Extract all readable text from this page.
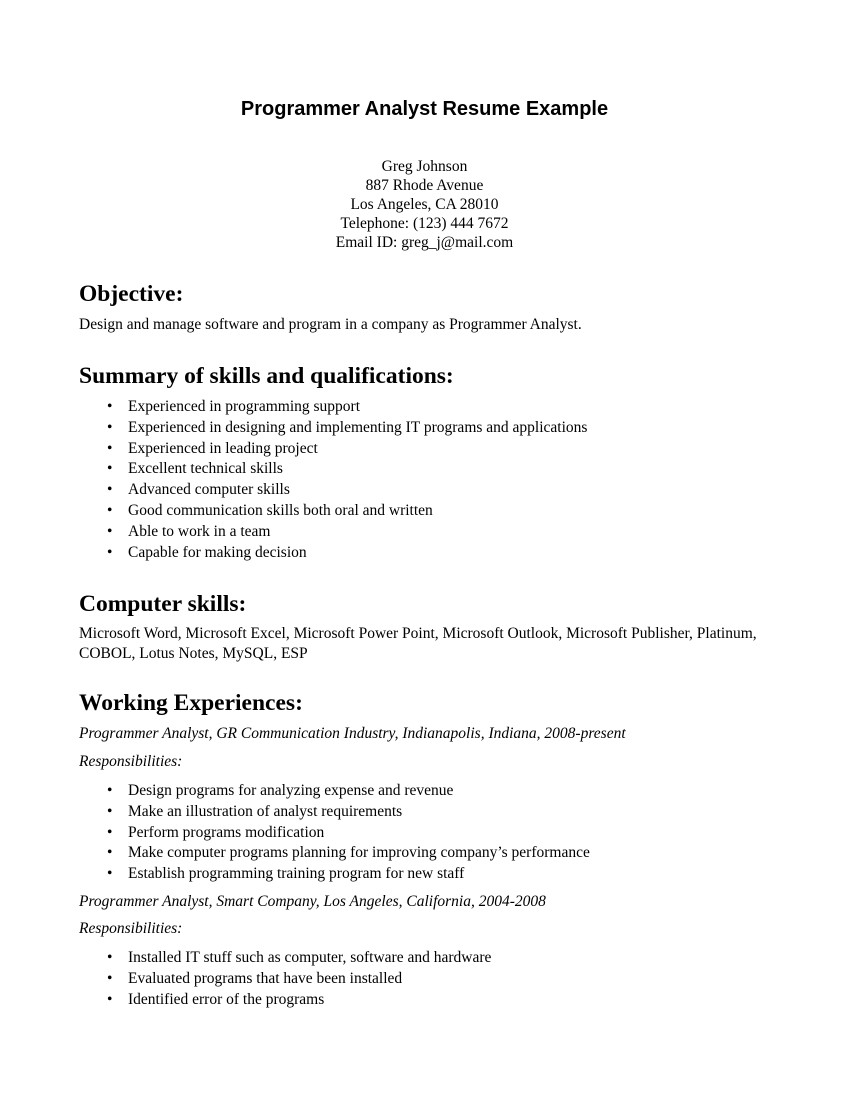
Programmer Analyst Resume Example
Greg Johnson
887 Rhode Avenue
Los Angeles, CA 28010
Telephone: (123) 444 7672
Email ID: greg_j@mail.com
Objective:

Design and manage software and program in a company as Programmer Analyst.

Summary of skills and qualifications:
• Experienced in programming support
• Experienced in designing and implementing IT programs and applications
• Experienced in leading project
• Excellent technical skills
• Advanced computer skills
• Good communication skills both oral and written
• Able to work in a team
• Capable for making decision
Computer skills:

Microsoft Word, Microsoft Excel, Microsoft Power Point, Microsoft Outlook, Microsoft Publisher, Platinum, COBOL, Lotus Notes, MySQL, ESP

Working Experiences:

Programmer Analyst, GR Communication Industry, Indianapolis, Indiana, 2008-present

Responsibilities:

• Design programs for analyzing expense and revenue
• Make an illustration of analyst requirements
• Perform programs modification
• Make computer programs planning for improving company’s performance
• Establish programming training program for new staff

Programmer Analyst, Smart Company, Los Angeles, California, 2004-2008

Responsibilities:

• Installed IT stuff such as computer, software and hardware
• Evaluated programs that have been installed
• Identified error of the programs
